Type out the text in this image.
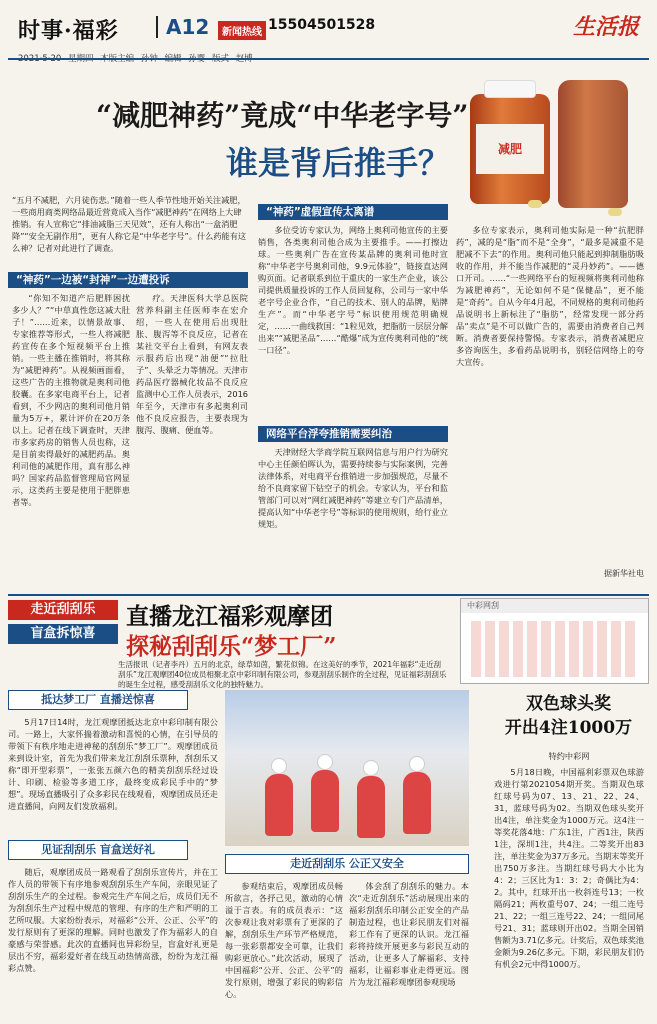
时事·福彩 A12	新闻热线 15504501528	生活报
“减肥神药”竟成“中华老字号”
谁是背后推手？	减肥
“五月不减肥，六月徒伤悲。”随着一些人季节性地开始关注减肥，一些商用商类网络品最近营竟成入当作“减肥神药”在网络上大肆推销。有人宣称它“排油减脂三天见效”，还有人称出“一盒消肥降”“安全无副作用”，更有人称它是“中华老字号”。什么药能有这么神？记者对此进行了调查。
“神药”一边被“封神”一边遭投诉

“你知不知道产后肥胖困扰多少人？”“中草真性您这减大肚子！”……近来，以情景故事、专家推荐等形式，一些人将减肥药宣传在多个短视频平台上推销。一些主播在推销时，将其称为“减肥神药”。从视频画面看，这些广告的主推物就是奥利司他胶囊。在多家电商平台上，记者看到，不少网店的奥利司他月销量为5万+，累计评价在20万条以上。记者在线下调查时，天津市多家药房的销售人员也称，这是目前卖得最好的减肥药品。奥利司他的减肥作用，真有那么神吗？国家药品监督管理局官网显示，这类药主要是使用于肥胖患者等。

疗。天津医科大学总医院营养科副主任医师李在宏介绍，一些人在使用后出现肚胀、腹泻等不良反应，记者在某社交平台上看到，有网友表示服药后出现“油便”“拉肚子”、头晕乏力等情况。天津市药品医疗器械化妆品不良反应监测中心工作人员表示，2016年至今，天津市有多起奥利司他不良反应报告，主要表现为腹泻、腹痛、便血等。

“神药”虚假宣传太离谱

多位受访专家认为，网络上奥利司他宣传的主要销售，各类奥利司他合成为主要推手。——打擦边球。一些奥利广告在宣传某品牌的奥利司他时宣称“中华老字号奥利司他，9.9元体验”，链接直达网购页面。记者联系到位于重庆的一家生产企业，该公司提供质量投诉的工作人员回复称，公司与一家中华老字号企业合作，“自己的技术、别人的品牌，贴牌生产”。而“中华老字号”标识使用规范明确规定，……一曲线救国：“1粒见效，把脂肪一层层分解出来”“减肥圣品”……“酷爆”成为宣传奥利司他的“统一口径”。

网络平台浮夸推销需要纠治

天津财经大学商学院互联网信息与用户行为研究中心主任颜伯晖认为，需要持续参与实际案例，完善法律体系，对电商平台推销进一步加强规范，尽量不给不良商家留下钻空子的机会。专家认为，平台和监管部门可以对“网红减肥神药”等建立专门产品清单，提高认知“中华老字号”等标识的使用规则，给行业立规矩。

多位专家表示，奥利司他实际是一种“抗肥胖药”，减的是“脂”而不是“全身”，“最多是减重不是肥减不下去”的作用。奥利司他只能起到抑制脂肪吸收的作用，并不能当作减肥的“灵丹妙药”。——德口开司。……“一些网络平台的短视频将奥利司他称为减肥神药”，无论如何不是“保健品”，更不能是“奇药”。自从今年4月起，不同规格的奥利司他药品说明书上新标注了“脂肪”，经常发现一部分药品“卖点”是不可以做广告的，需要由消费者自己判断。消费者要保持警惕。专家表示，消费者减肥应多咨询医生，多看药品说明书，别轻信网络上的夸大宣传。

据新华社电
走近刮刮乐
盲盒拆惊喜
直播龙江福彩观摩团
探秘刮刮乐“梦工厂”
生活报讯（记者李丹）五月的北京，绿草如茵，繁花似锦。在这美好的季节，2021年福彩“走近刮刮乐”龙江观摩团40位成员相聚北京中彩印制有限公司，参观刮刮乐制作的全过程，见证福彩刮刮乐的诞生全过程，感受刮刮乐文化的独特魅力。
中彩网刮
抵达梦工厂 直播送惊喜

5月17日14时，龙江观摩团抵达北京中彩印制有限公司。一路上，大家怀揣着激动和喜悦的心情，在引导员的带领下有秩序地走进神秘的刮刮乐“梦工厂”。观摩团成员来到设计室，首先为我们带来龙江刮刮乐票种，刮刮乐又称“即开型彩票”，一张张五颜六色的精美刮刮乐经过设计、印刷、检验等多道工序，最终变成彩民手中的“梦想”。现场直播吸引了众多彩民在线观看，观摩团成员还走进直播间，向网友们发放福利。

见证刮刮乐 盲盒送好礼

随后，观摩团成员一路观看了刮刮乐宣传片，并在工作人员的带领下有序地参观刮刮乐生产车间，亲眼见证了刮刮乐生产的全过程。参观完生产车间之后，成员们无不为刮刮乐生产过程中规范的管理、有序的生产和严明的工艺所叹服。大家纷纷表示，对福彩“公开、公正、公平”的发行原则有了更深的理解。同时也激发了作为福彩人的自豪感与荣誉感。此次的直播间也异彩纷呈，盲盒好礼更是层出不穷，福彩爱好者在线互动热情高涨，纷纷为龙江福彩点赞。

走近刮刮乐 公正又安全

参观结束后，观摩团成员畅所欲言，各抒己见，激动的心情溢于言表。有的成员表示：“这次参观让我对彩票有了更深的了解，刮刮乐生产环节严格规范，每一张彩票都安全可靠，让我们购彩更放心。”此次活动，展现了中国福彩“公开、公正、公平”的发行原则，增强了彩民的购彩信心。

体会刮了刮刮乐的魅力。本次“走近刮刮乐”活动展现出来的福彩刮刮乐印制公正安全的产品制造过程，也让彩民朋友们对福彩工作有了更深的认识。龙江福彩将持续开展更多与彩民互动的活动，让更多人了解福彩、支持福彩，让福彩事业走得更远。图片为龙江福彩观摩团参观现场

双色球头奖
开出4注1000万
特约中彩网

5月18日晚，中国福利彩票双色球游戏进行第2021054期开奖。当期双色球红球号码为07、13、21、22、24、31，蓝球号码为02。当期双色球头奖开出4注，单注奖金为1000万元。这4注一等奖花落4地：广东1注，广西1注，陕西1注，深圳1注，共4注。二等奖开出83注，单注奖金为37万多元。当期末等奖开出750万多注。当期红球号码大小比为4：2；三区比为1：3：2；奇偶比为4：2。其中，红球开出一枚斜连号13；一枚隔码21；两枚重号07、24；一组二连号21、22；一组三连号22、24；一组同尾号21、31；蓝球则开出02。当期全国销售额为3.71亿多元。计奖后，双色球奖池金额为9.26亿多元。下期，彩民朋友们仍有机会2元中得1000万。
